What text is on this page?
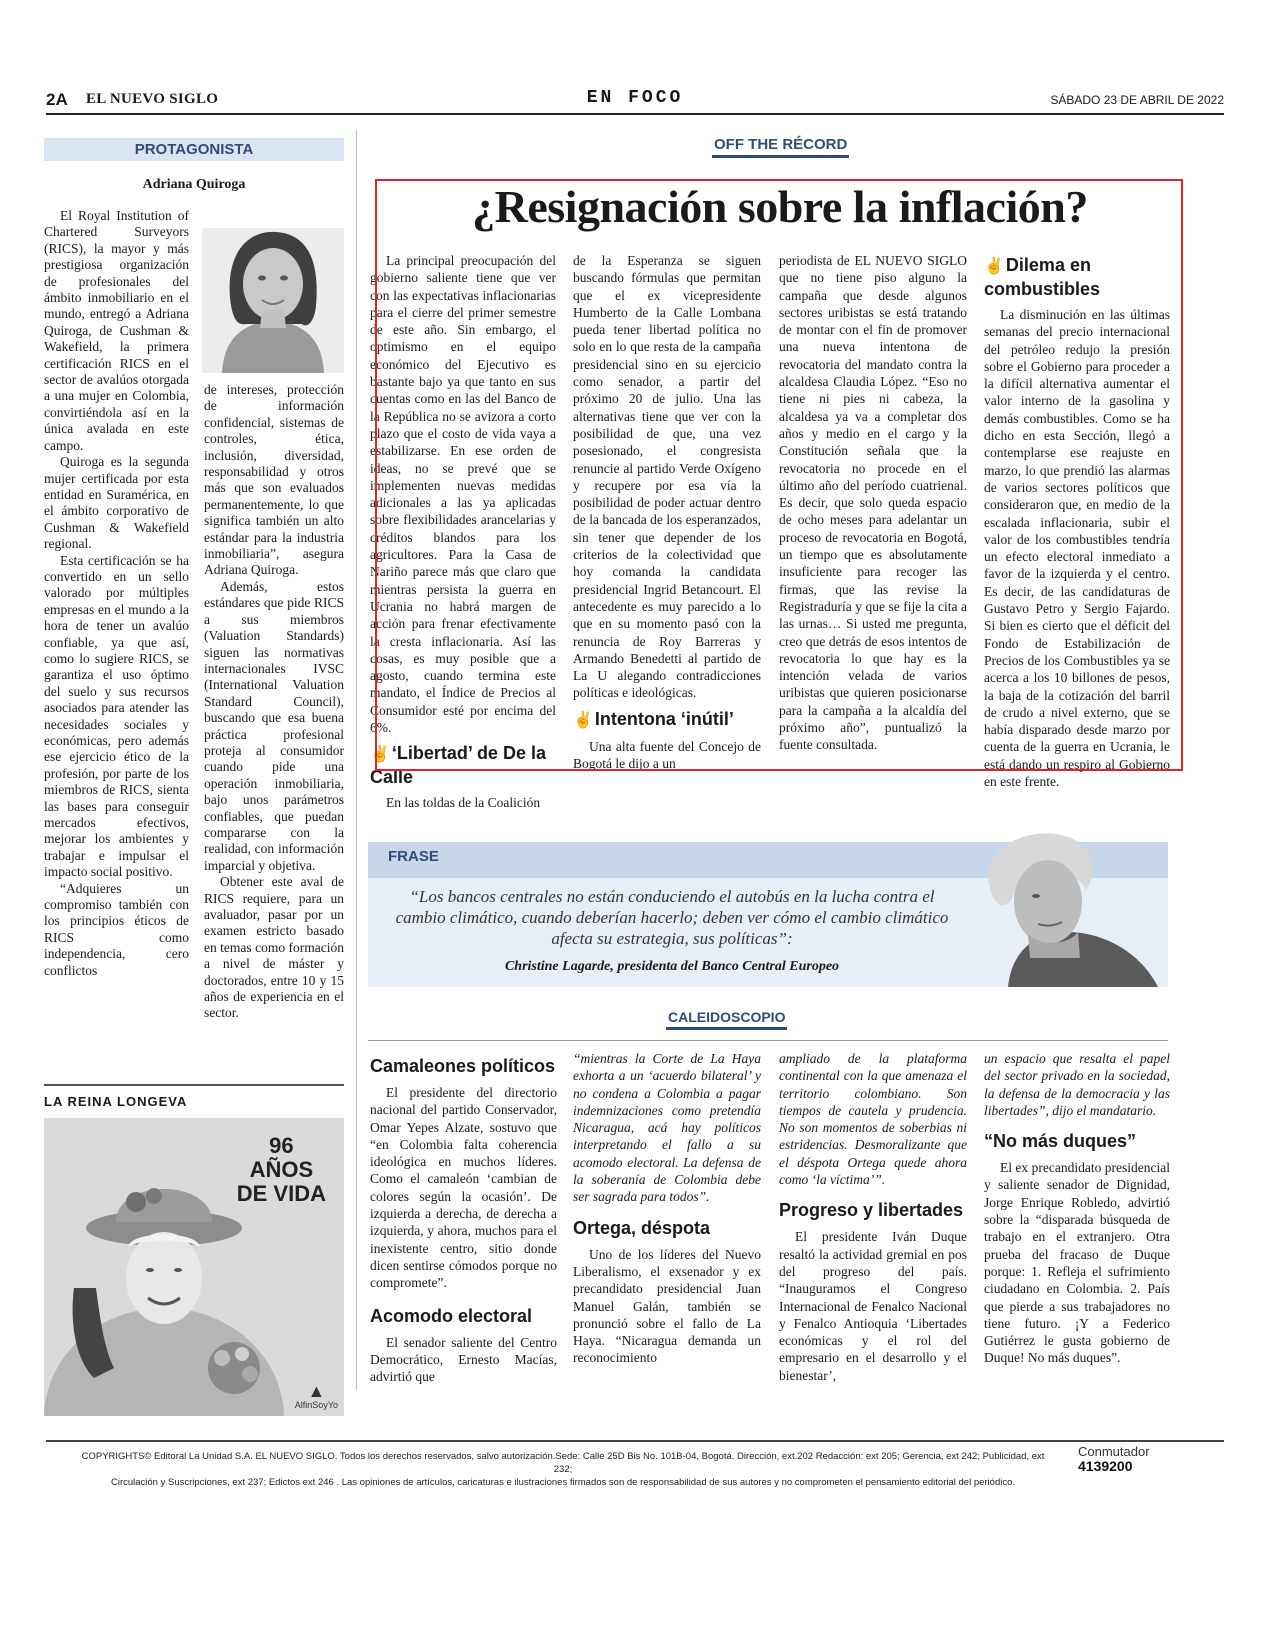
2A EL NUEVO SIGLO	EN FOCO	SÁBADO 23 DE ABRIL DE 2022
PROTAGONISTA
Adriana Quiroga

El Royal Institution of Chartered Surveyors (RICS), la mayor y más prestigiosa organización de profesionales del ámbito inmobiliario en el mundo, entregó a Adriana Quiroga, de Cushman & Wakefield, la primera certificación RICS en el sector de avalúos otorgada a una mujer en Colombia, convirtiéndola así en la única avalada en este campo.

Quiroga es la segunda mujer certificada por esta entidad en Suramérica, en el ámbito corporativo de Cushman & Wakefield regional.

Esta certificación se ha convertido en un sello valorado por múltiples empresas en el mundo a la hora de tener un avalúo confiable, ya que así, como lo sugiere RICS, se garantiza el uso óptimo del suelo y sus recursos asociados para atender las necesidades sociales y económicas, pero además ese ejercicio ético de la profesión, por parte de los miembros de RICS, sienta las bases para conseguir mercados efectivos, mejorar los ambientes y trabajar e impulsar el impacto social positivo.

“Adquieres un compromiso también con los principios éticos de RICS como independencia, cero conflictos

de intereses, protección de información confidencial, sistemas de controles, ética, inclusión, diversidad, responsabilidad y otros más que son evaluados permanentemente, lo que significa también un alto estándar para la industria inmobiliaria”, asegura Adriana Quiroga.

Además, estos estándares que pide RICS a sus miembros (Valuation Standards) siguen las normativas internacionales IVSC (International Valuation Standard Council), buscando que esa buena práctica profesional proteja al consumidor cuando pide una operación inmobiliaria, bajo unos parámetros confiables, que puedan compararse con la realidad, con información imparcial y objetiva.

Obtener este aval de RICS requiere, para un avaluador, pasar por un examen estricto basado en temas como formación a nivel de máster y doctorados, entre 10 y 15 años de experiencia en el sector.

LA REINA LONGEVA
96
AÑOS
DE VIDA
▲
AlfinSoyYo
OFF THE RÉCORD
¿Resignación sobre la inflación?

La principal preocupación del gobierno saliente tiene que ver con las expectativas inflacionarias para el cierre del primer semestre de este año. Sin embargo, el optimismo en el equipo económico del Ejecutivo es bastante bajo ya que tanto en sus cuentas como en las del Banco de la República no se avizora a corto plazo que el costo de vida vaya a estabilizarse. En ese orden de ideas, no se prevé que se implementen nuevas medidas adicionales a las ya aplicadas sobre flexibilidades arancelarias y créditos blandos para los agricultores. Para la Casa de Nariño parece más que claro que mientras persista la guerra en Ucrania no habrá margen de acción para frenar efectivamente la cresta inflacionaria. Así las cosas, es muy posible que a agosto, cuando termina este mandato, el Índice de Precios al Consumidor esté por encima del 6%.

✌ ‘Libertad’ de De la Calle

En las toldas de la Coalición

de la Esperanza se siguen buscando fórmulas que permitan que el ex vicepresidente Humberto de la Calle Lombana pueda tener libertad política no solo en lo que resta de la campaña presidencial sino en su ejercicio como senador, a partir del próximo 20 de julio. Una las alternativas tiene que ver con la posibilidad de que, una vez posesionado, el congresista renuncie al partido Verde Oxígeno y recupere por esa vía la posibilidad de poder actuar dentro de la bancada de los esperanzados, sin tener que depender de los criterios de la colectividad que hoy comanda la candidata presidencial Ingrid Betancourt. El antecedente es muy parecido a lo que en su momento pasó con la renuncia de Roy Barreras y Armando Benedetti al partido de La U alegando contradicciones políticas e ideológicas.

✌ Intentona ‘inútil’

Una alta fuente del Concejo de Bogotá le dijo a un

periodista de EL NUEVO SIGLO que no tiene piso alguno la campaña que desde algunos sectores uribistas se está tratando de montar con el fin de promover una nueva intentona de revocatoria del mandato contra la alcaldesa Claudia López. “Eso no tiene ni pies ni cabeza, la alcaldesa ya va a completar dos años y medio en el cargo y la Constitución señala que la revocatoria no procede en el último año del período cuatrienal. Es decir, que solo queda espacio de ocho meses para adelantar un proceso de revocatoria en Bogotá, un tiempo que es absolutamente insuficiente para recoger las firmas, que las revise la Registraduría y que se fije la cita a las urnas… Si usted me pregunta, creo que detrás de esos intentos de revocatoria lo que hay es la intención velada de varios uribistas que quieren posicionarse para la campaña a la alcaldía del próximo año”, puntualizó la fuente consultada.

✌ Dilema en combustibles

La disminución en las últimas semanas del precio internacional del petróleo redujo la presión sobre el Gobierno para proceder a la difícil alternativa aumentar el valor interno de la gasolina y demás combustibles. Como se ha dicho en esta Sección, llegó a contemplarse ese reajuste en marzo, lo que prendió las alarmas de varios sectores políticos que consideraron que, en medio de la escalada inflacionaria, subir el valor de los combustibles tendría un efecto electoral inmediato a favor de la izquierda y el centro. Es decir, de las candidaturas de Gustavo Petro y Sergio Fajardo. Si bien es cierto que el déficit del Fondo de Estabilización de Precios de los Combustibles ya se acerca a los 10 billones de pesos, la baja de la cotización del barril de crudo a nivel externo, que se había disparado desde marzo por cuenta de la guerra en Ucrania, le está dando un respiro al Gobierno en este frente.

FRASE
“Los bancos centrales no están conduciendo el autobús en la lucha contra el cambio climático, cuando deberían hacerlo; deben ver cómo el cambio climático afecta su estrategia, sus políticas”:
Christine Lagarde, presidenta del Banco Central Europeo
CALEIDOSCOPIO
Camaleones políticos

El presidente del directorio nacional del partido Conservador, Omar Yepes Alzate, sostuvo que “en Colombia falta coherencia ideológica en muchos líderes. Como el camaleón ‘cambian de colores según la ocasión’. De izquierda a derecha, de derecha a izquierda, y ahora, muchos para el inexistente centro, sitio donde dicen sentirse cómodos porque no compromete”.

Acomodo electoral

El senador saliente del Centro Democrático, Ernesto Macías, advirtió que

“mientras la Corte de La Haya exhorta a un ‘acuerdo bilateral’ y no condena a Colombia a pagar indemnizaciones como pretendía Nicaragua, acá hay políticos interpretando el fallo a su acomodo electoral. La defensa de la soberanía de Colombia debe ser sagrada para todos”.

Ortega, déspota

Uno de los líderes del Nuevo Liberalismo, el exsenador y ex precandidato presidencial Juan Manuel Galán, también se pronunció sobre el fallo de La Haya. “Nicaragua demanda un reconocimiento

ampliado de la plataforma continental con la que amenaza el territorio colombiano. Son tiempos de cautela y prudencia. No son momentos de soberbias ni estridencias. Desmoralizante que el déspota Ortega quede ahora como ‘la víctima’”.

Progreso y libertades

El presidente Iván Duque resaltó la actividad gremial en pos del progreso del país. “Inauguramos el Congreso Internacional de Fenalco Nacional y Fenalco Antioquia ‘Libertades económicas y el rol del empresario en el desarrollo y el bienestar’,

un espacio que resalta el papel del sector privado en la sociedad, la defensa de la democracia y las libertades”, dijo el mandatario.

“No más duques”

El ex precandidato presidencial y saliente senador de Dignidad, Jorge Enrique Robledo, advirtió sobre la “disparada búsqueda de trabajo en el extranjero. Otra prueba del fracaso de Duque porque: 1. Refleja el sufrimiento ciudadano en Colombia. 2. País que pierde a sus trabajadores no tiene futuro. ¡Y a Federico Gutiérrez le gusta gobierno de Duque! No más duques”.

COPYRIGHTS© Editoral La Unidad S.A. EL NUEVO SIGLO. Todos los derechos reservados, salvo autorización.Sede: Calle 25D Bis No. 101B-04, Bogotá. Dirección, ext.202 Redacción: ext 205; Gerencia, ext 242; Publicidad, ext 232;
Circulación y Suscripciones, ext 237; Edictos ext 246 . Las opiniones de artículos, caricaturas e ilustraciones firmados son de responsabilidad de sus autores y no comprometen el pensamiento editorial del periódico.
Conmutador
4139200
